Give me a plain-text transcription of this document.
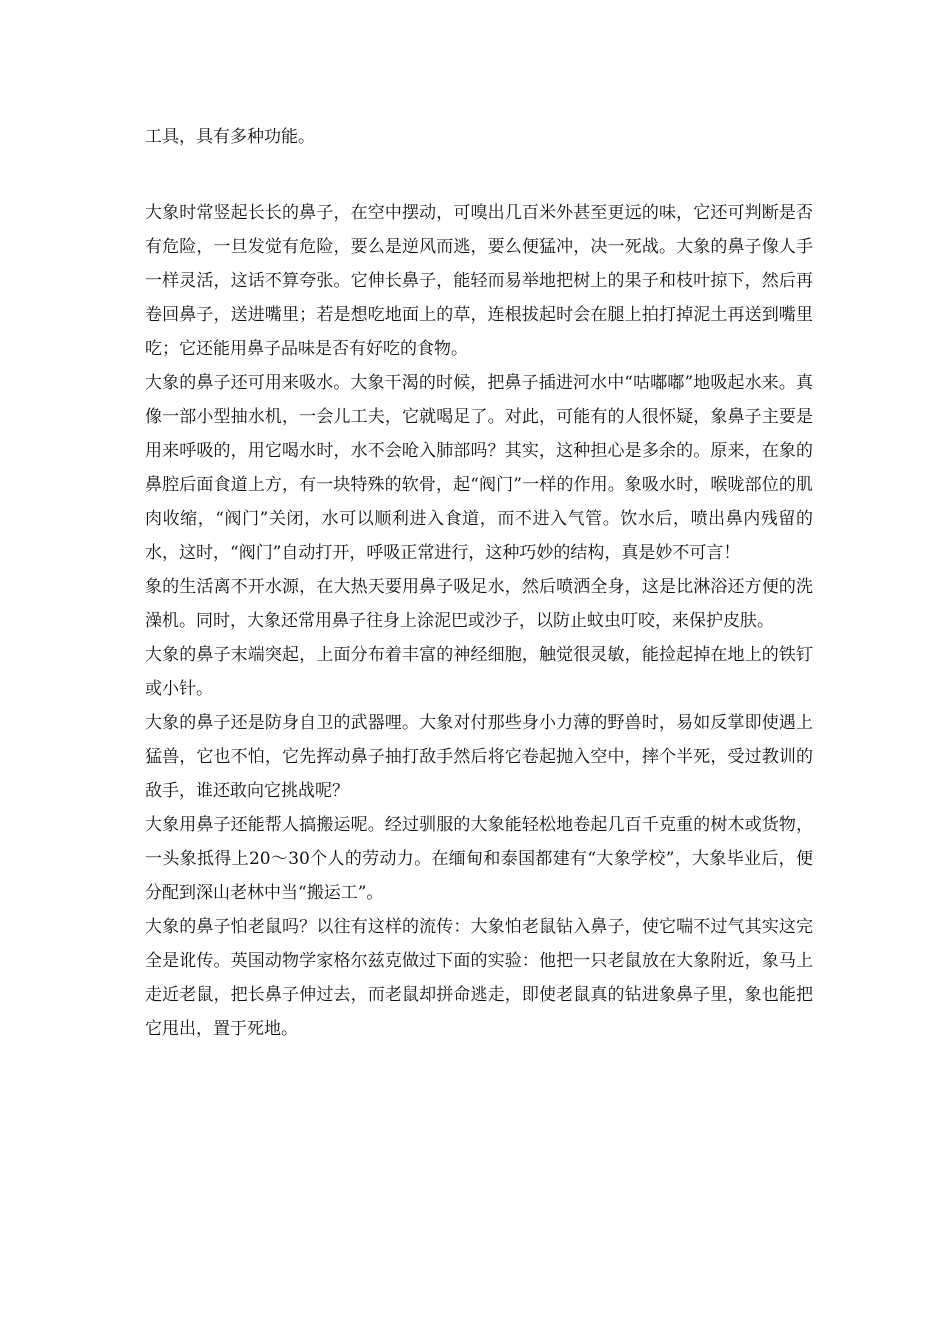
工具，具有多种功能。

大象时常竖起长长的鼻子，在空中摆动，可嗅出几百米外甚至更远的味，它还可判断是否有危险，一旦发觉有危险，要么是逆风而逃，要么便猛冲，决一死战。大象的鼻子像人手一样灵活，这话不算夸张。它伸长鼻子，能轻而易举地把树上的果子和枝叶掠下，然后再卷回鼻子，送进嘴里；若是想吃地面上的草，连根拔起时会在腿上拍打掉泥土再送到嘴里吃；它还能用鼻子品味是否有好吃的食物。

大象的鼻子还可用来吸水。大象干渴的时候，把鼻子插进河水中“咕嘟嘟”地吸起水来。真像一部小型抽水机，一会儿工夫，它就喝足了。对此，可能有的人很怀疑，象鼻子主要是用来呼吸的，用它喝水时，水不会呛入肺部吗？其实，这种担心是多余的。原来，在象的鼻腔后面食道上方，有一块特殊的软骨，起“阀门”一样的作用。象吸水时，喉咙部位的肌肉收缩，“阀门”关闭，水可以顺利进入食道，而不进入气管。饮水后，喷出鼻内残留的水，这时，“阀门”自动打开，呼吸正常进行，这种巧妙的结构，真是妙不可言！

象的生活离不开水源，在大热天要用鼻子吸足水，然后喷洒全身，这是比淋浴还方便的洗澡机。同时，大象还常用鼻子往身上涂泥巴或沙子，以防止蚊虫叮咬，来保护皮肤。

大象的鼻子末端突起，上面分布着丰富的神经细胞，触觉很灵敏，能捡起掉在地上的铁钉或小针。

大象的鼻子还是防身自卫的武器哩。大象对付那些身小力薄的野兽时，易如反掌即使遇上猛兽，它也不怕，它先挥动鼻子抽打敌手然后将它卷起抛入空中，摔个半死，受过教训的敌手，谁还敢向它挑战呢？

大象用鼻子还能帮人搞搬运呢。经过驯服的大象能轻松地卷起几百千克重的树木或货物，一头象抵得上20～30个人的劳动力。在缅甸和泰国都建有“大象学校”，大象毕业后，便分配到深山老林中当“搬运工”。

大象的鼻子怕老鼠吗？以往有这样的流传：大象怕老鼠钻入鼻子，使它喘不过气其实这完全是讹传。英国动物学家格尔兹克做过下面的实验：他把一只老鼠放在大象附近，象马上走近老鼠，把长鼻子伸过去，而老鼠却拼命逃走，即使老鼠真的钻进象鼻子里，象也能把它甩出，置于死地。
